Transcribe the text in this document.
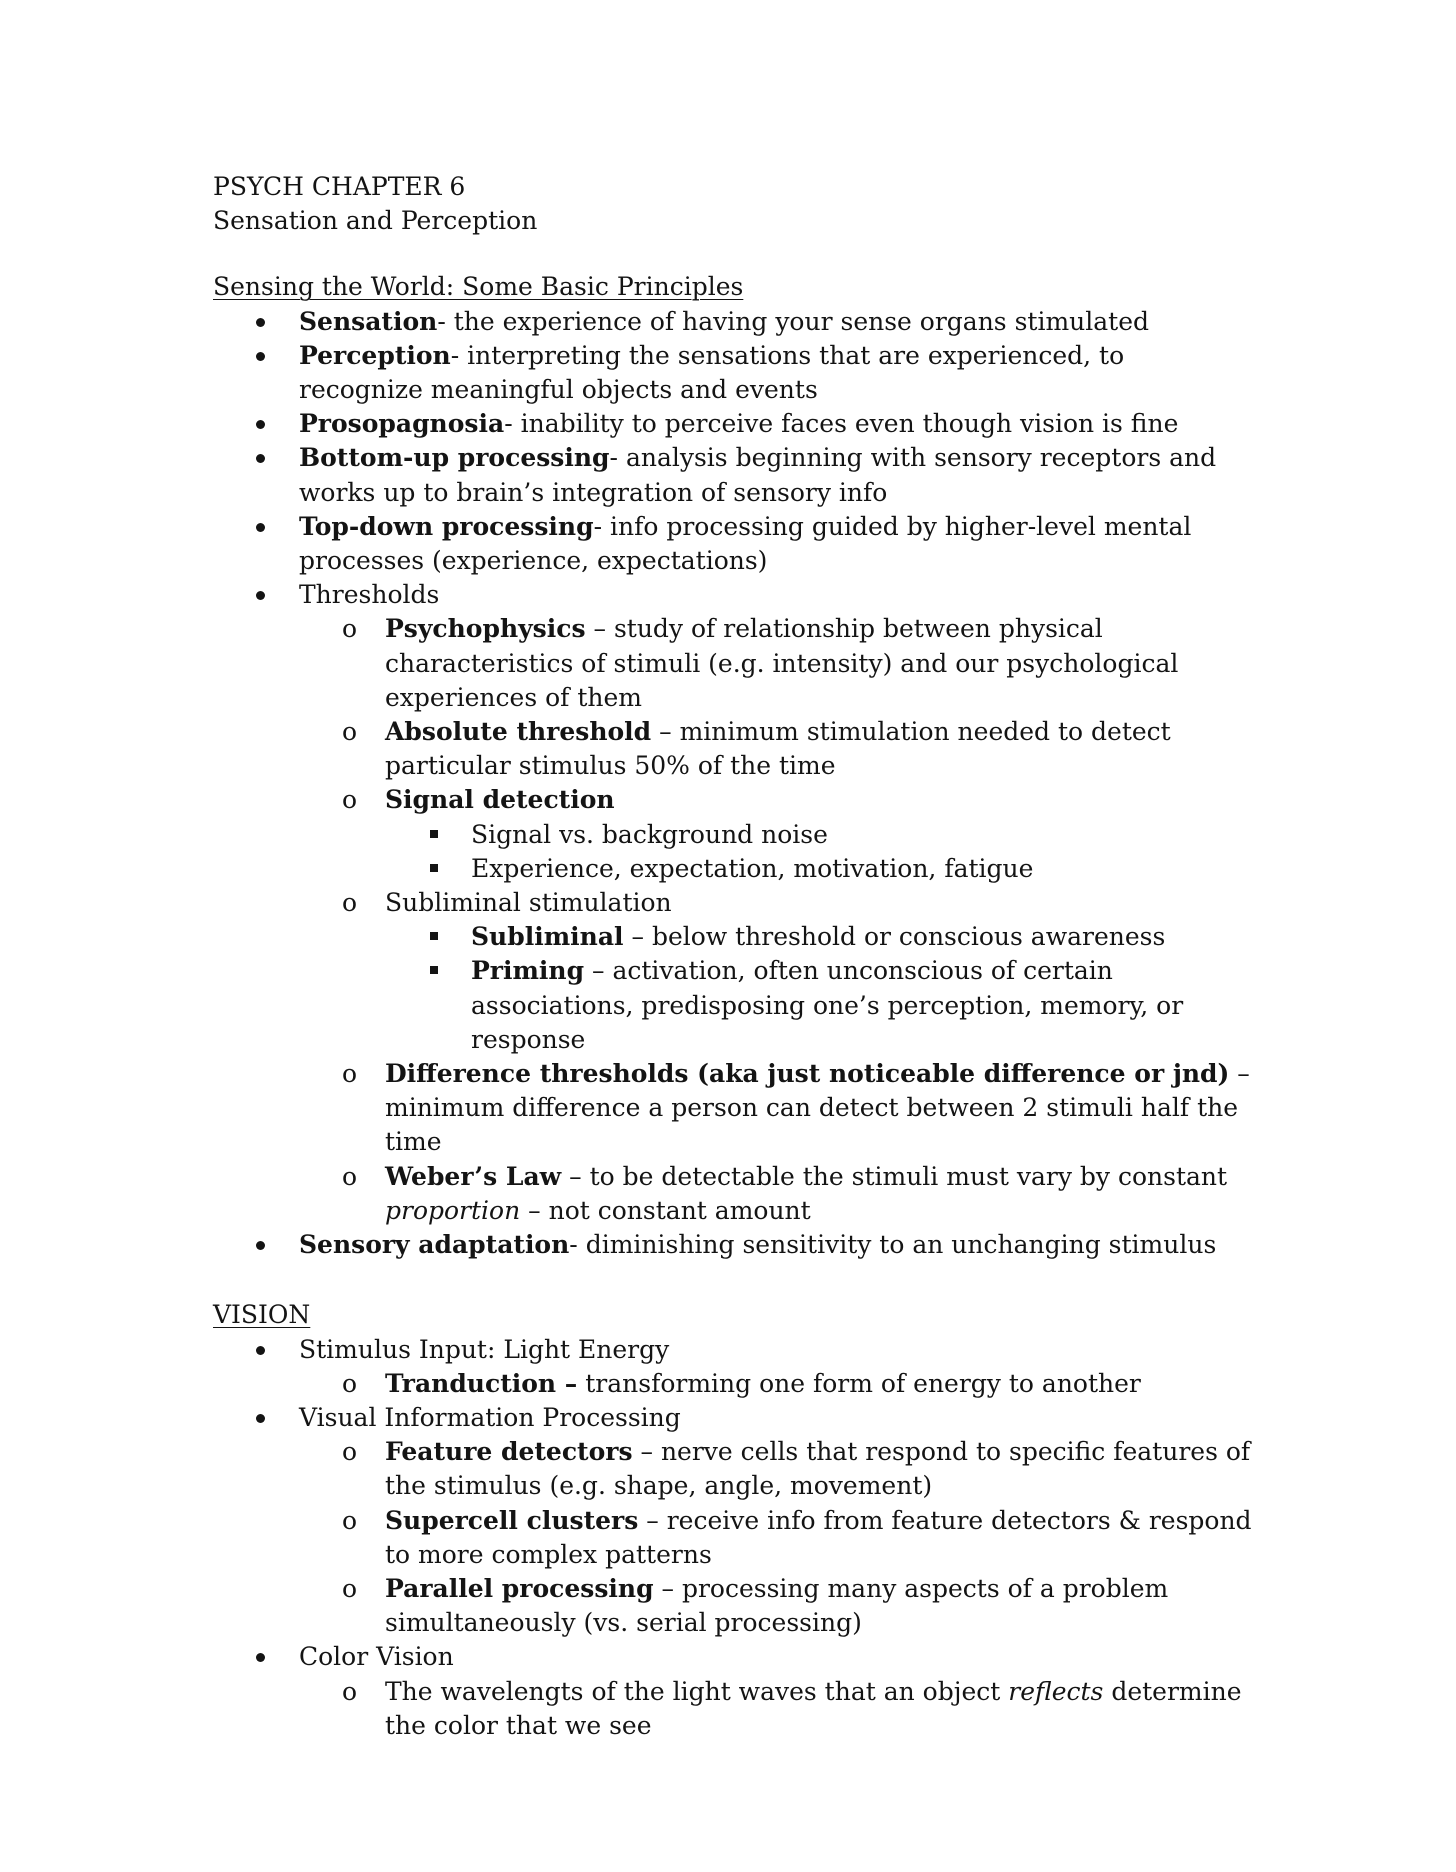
PSYCH CHAPTER 6

Sensation and Perception

Sensing the World: Some Basic Principles

Sensation- the experience of having your sense organs stimulated
Perception- interpreting the sensations that are experienced, to recognize meaningful objects and events
Prosopagnosia- inability to perceive faces even though vision is fine
Bottom-up processing- analysis beginning with sensory receptors and works up to brain’s integration of sensory info
Top-down processing- info processing guided by higher-level mental processes (experience, expectations)
Thresholds
o	Psychophysics – study of relationship between physical characteristics of stimuli (e.g. intensity) and our psychological experiences of them
o	Absolute threshold – minimum stimulation needed to detect particular stimulus 50% of the time
o	Signal detection
Signal vs. background noise
Experience, expectation, motivation, fatigue
o	Subliminal stimulation
Subliminal – below threshold or conscious awareness
Priming – activation, often unconscious of certain associations, predisposing one’s perception, memory, or response
o	Difference thresholds (aka just noticeable difference or jnd) – minimum difference a person can detect between 2 stimuli half the time
o	Weber’s Law – to be detectable the stimuli must vary by constant proportion – not constant amount
Sensory adaptation- diminishing sensitivity to an unchanging stimulus

VISION

Stimulus Input: Light Energy
o	Tranduction – transforming one form of energy to another
Visual Information Processing
o	Feature detectors – nerve cells that respond to specific features of the stimulus (e.g. shape, angle, movement)
o	Supercell clusters – receive info from feature detectors & respond to more complex patterns
o	Parallel processing – processing many aspects of a problem simultaneously (vs. serial processing)
Color Vision
o	The wavelengts of the light waves that an object reflects determine the color that we see
